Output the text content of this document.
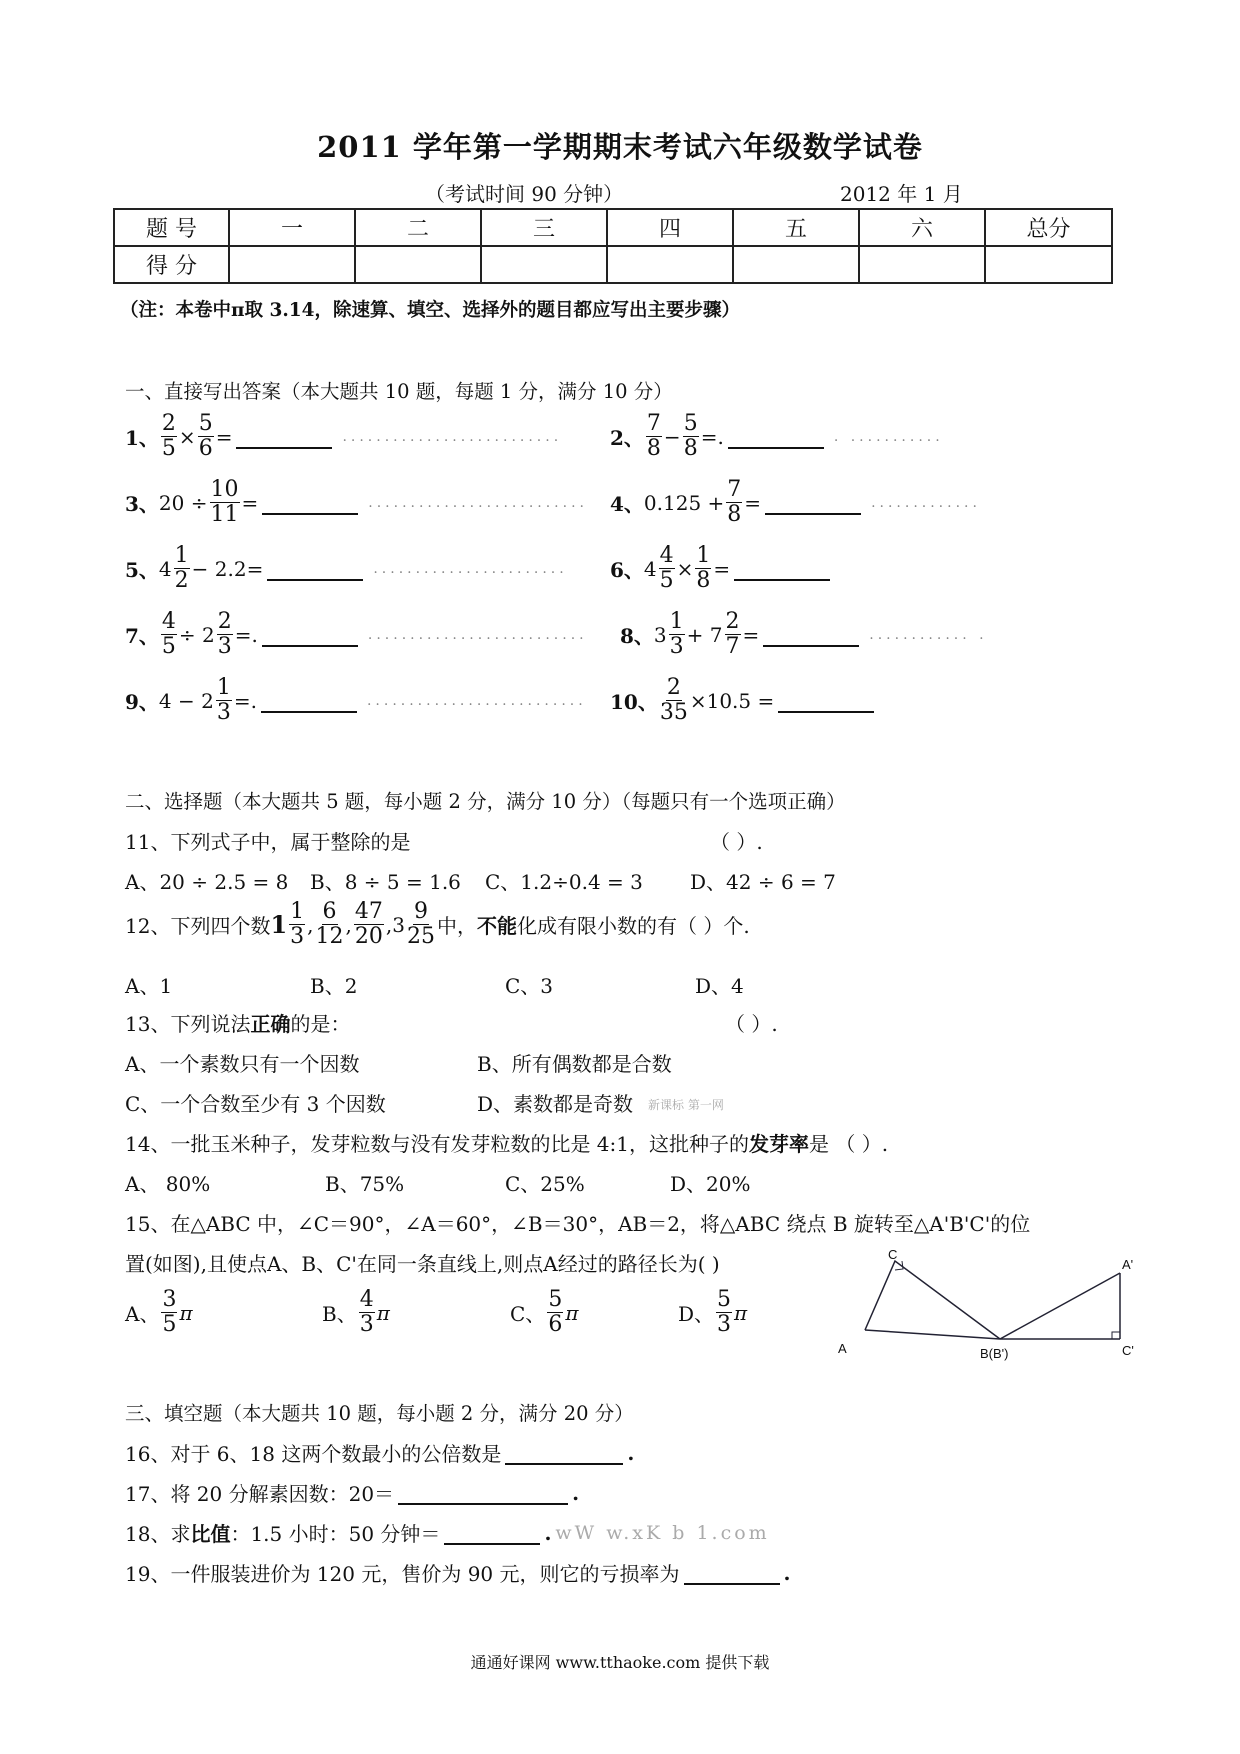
2011 学年第一学期期末考试六年级数学试卷
（考试时间 90 分钟）	2012 年 1 月
题 号	一	二	三	四	五	六	总分
得 分							
（注：本卷中π取 3.14，除速算、填空、选择外的题目都应写出主要步骤）
一、直接写出答案（本大题共 10 题，每题 1 分，满分 10 分）
1、 $\frac{2}{5} \times \frac{5}{6}$ =	.......................... 2、 $\frac{7}{8} - \frac{5}{8}$ =.	. ...........
3、 $20 \div \frac{10}{11}$ =	.......................... 4、 $0.125 + \frac{7}{8}$ =	.............
5、 $4 \frac{1}{2} - 2.2=$	....................... 6、 $4 \frac{4}{5} \times \frac{1}{8}$ =
7、 $\frac{4}{5} \div 2 \frac{2}{3}$ =.	.......................... 8、 $3 \frac{1}{3} + 7 \frac{2}{7}$ =	............ .
9、 $4 - 2 \frac{1}{3}$ =.	.......................... 10、 $\frac{2}{35} \times 10.5$ =
二、选择题（本大题共 5 题，每小题 2 分，满分 10 分）（每题只有一个选项正确）
11、下列式子中，属于整除的是	（ ）.
A、20 ÷ 2.5 = 8 B、8 ÷ 5 = 1.6 C、1.2÷0.4 = 3 D、42 ÷ 6 = 7
12、下列四个数 $1 \frac{1}{3}$ , $\frac{6}{12}$ , $\frac{47}{20}$ , $3 \frac{9}{25}$ 中， 不能 化成有限小数的有（ ）个.
A、1	B、2	C、3	D、4
13、下列说法 正确 的是：	（ ）.
A、一个素数只有一个因数	B、所有偶数都是合数
C、一个合数至少有 3 个因数	D、素数都是奇数 新课标 第一网
14、一批玉米种子，发芽粒数与没有发芽粒数的比是 4:1，这批种子的 发芽率 是 （ ）.
A、 80%	B、75%	C、25%	D、20%
15、在△ABC 中，∠C＝90°，∠A＝60°，∠B＝30°，AB＝2，将△ABC 绕点 B 旋转至△A'B'C'的位
置(如图),且使点A、B、C'在同一条直线上,则点A经过的路径长为( )
A、 $\frac{3}{5}$ π	B、 $\frac{4}{3}$ π	C、 $\frac{5}{6}$ π	D、 $\frac{5}{3}$ π
C
A	B(B')
A'
C'
三、填空题（本大题共 10 题，每小题 2 分，满分 20 分）
16、对于 6、18 这两个数最小的公倍数是	.
17、将 20 分解素因数：20＝	.
18、求 比值 ：1.5 小时：50 分钟＝	. wW w.xK b 1.com
19、一件服装进价为 120 元，售价为 90 元，则它的亏损率为	.
通通好课网 www.tthaoke.com 提供下载
